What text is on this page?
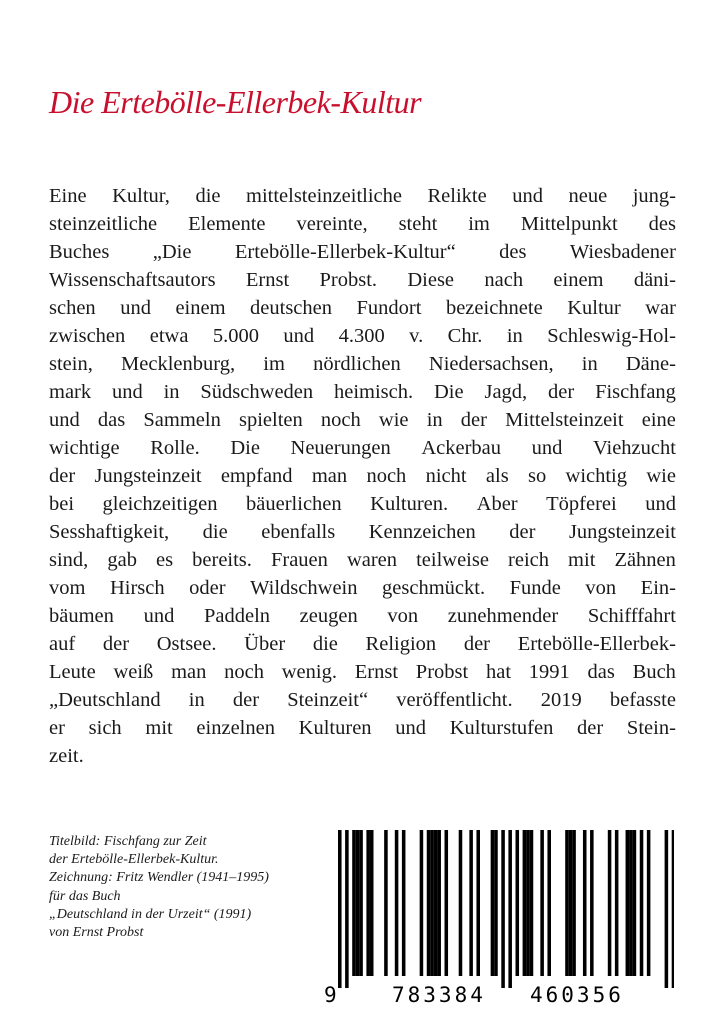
Die Ertebölle-Ellerbek-Kultur
Eine Kultur, die mittelsteinzeitliche Relikte und neue jung-
steinzeitliche Elemente vereinte, steht im Mittelpunkt des
Buches „Die Ertebölle-Ellerbek-Kultur“ des Wiesbadener
Wissenschaftsautors Ernst Probst. Diese nach einem däni-
schen und einem deutschen Fundort bezeichnete Kultur war
zwischen etwa 5.000 und 4.300 v. Chr. in Schleswig-Hol-
stein, Mecklenburg, im nördlichen Niedersachsen, in Däne-
mark und in Südschweden heimisch. Die Jagd, der Fischfang
und das Sammeln spielten noch wie in der Mittelsteinzeit eine
wichtige Rolle. Die Neuerungen Ackerbau und Viehzucht
der Jungsteinzeit empfand man noch nicht als so wichtig wie
bei gleichzeitigen bäuerlichen Kulturen. Aber Töpferei und
Sesshaftigkeit, die ebenfalls Kennzeichen der Jungsteinzeit
sind, gab es bereits. Frauen waren teilweise reich mit Zähnen
vom Hirsch oder Wildschwein geschmückt. Funde von Ein-
bäumen und Paddeln zeugen von zunehmender Schifffahrt
auf der Ostsee. Über die Religion der Ertebölle-Ellerbek-
Leute weiß man noch wenig. Ernst Probst hat 1991 das Buch
„Deutschland in der Steinzeit“ veröffentlicht. 2019 befasste
er sich mit einzelnen Kulturen und Kulturstufen der Stein-
zeit.
Titelbild: Fischfang zur Zeit
der Ertebölle-Ellerbek-Kultur.
Zeichnung: Fritz Wendler (1941–1995)
für das Buch
„Deutschland in der Urzeit“ (1991)
von Ernst Probst
9	783384 460356
